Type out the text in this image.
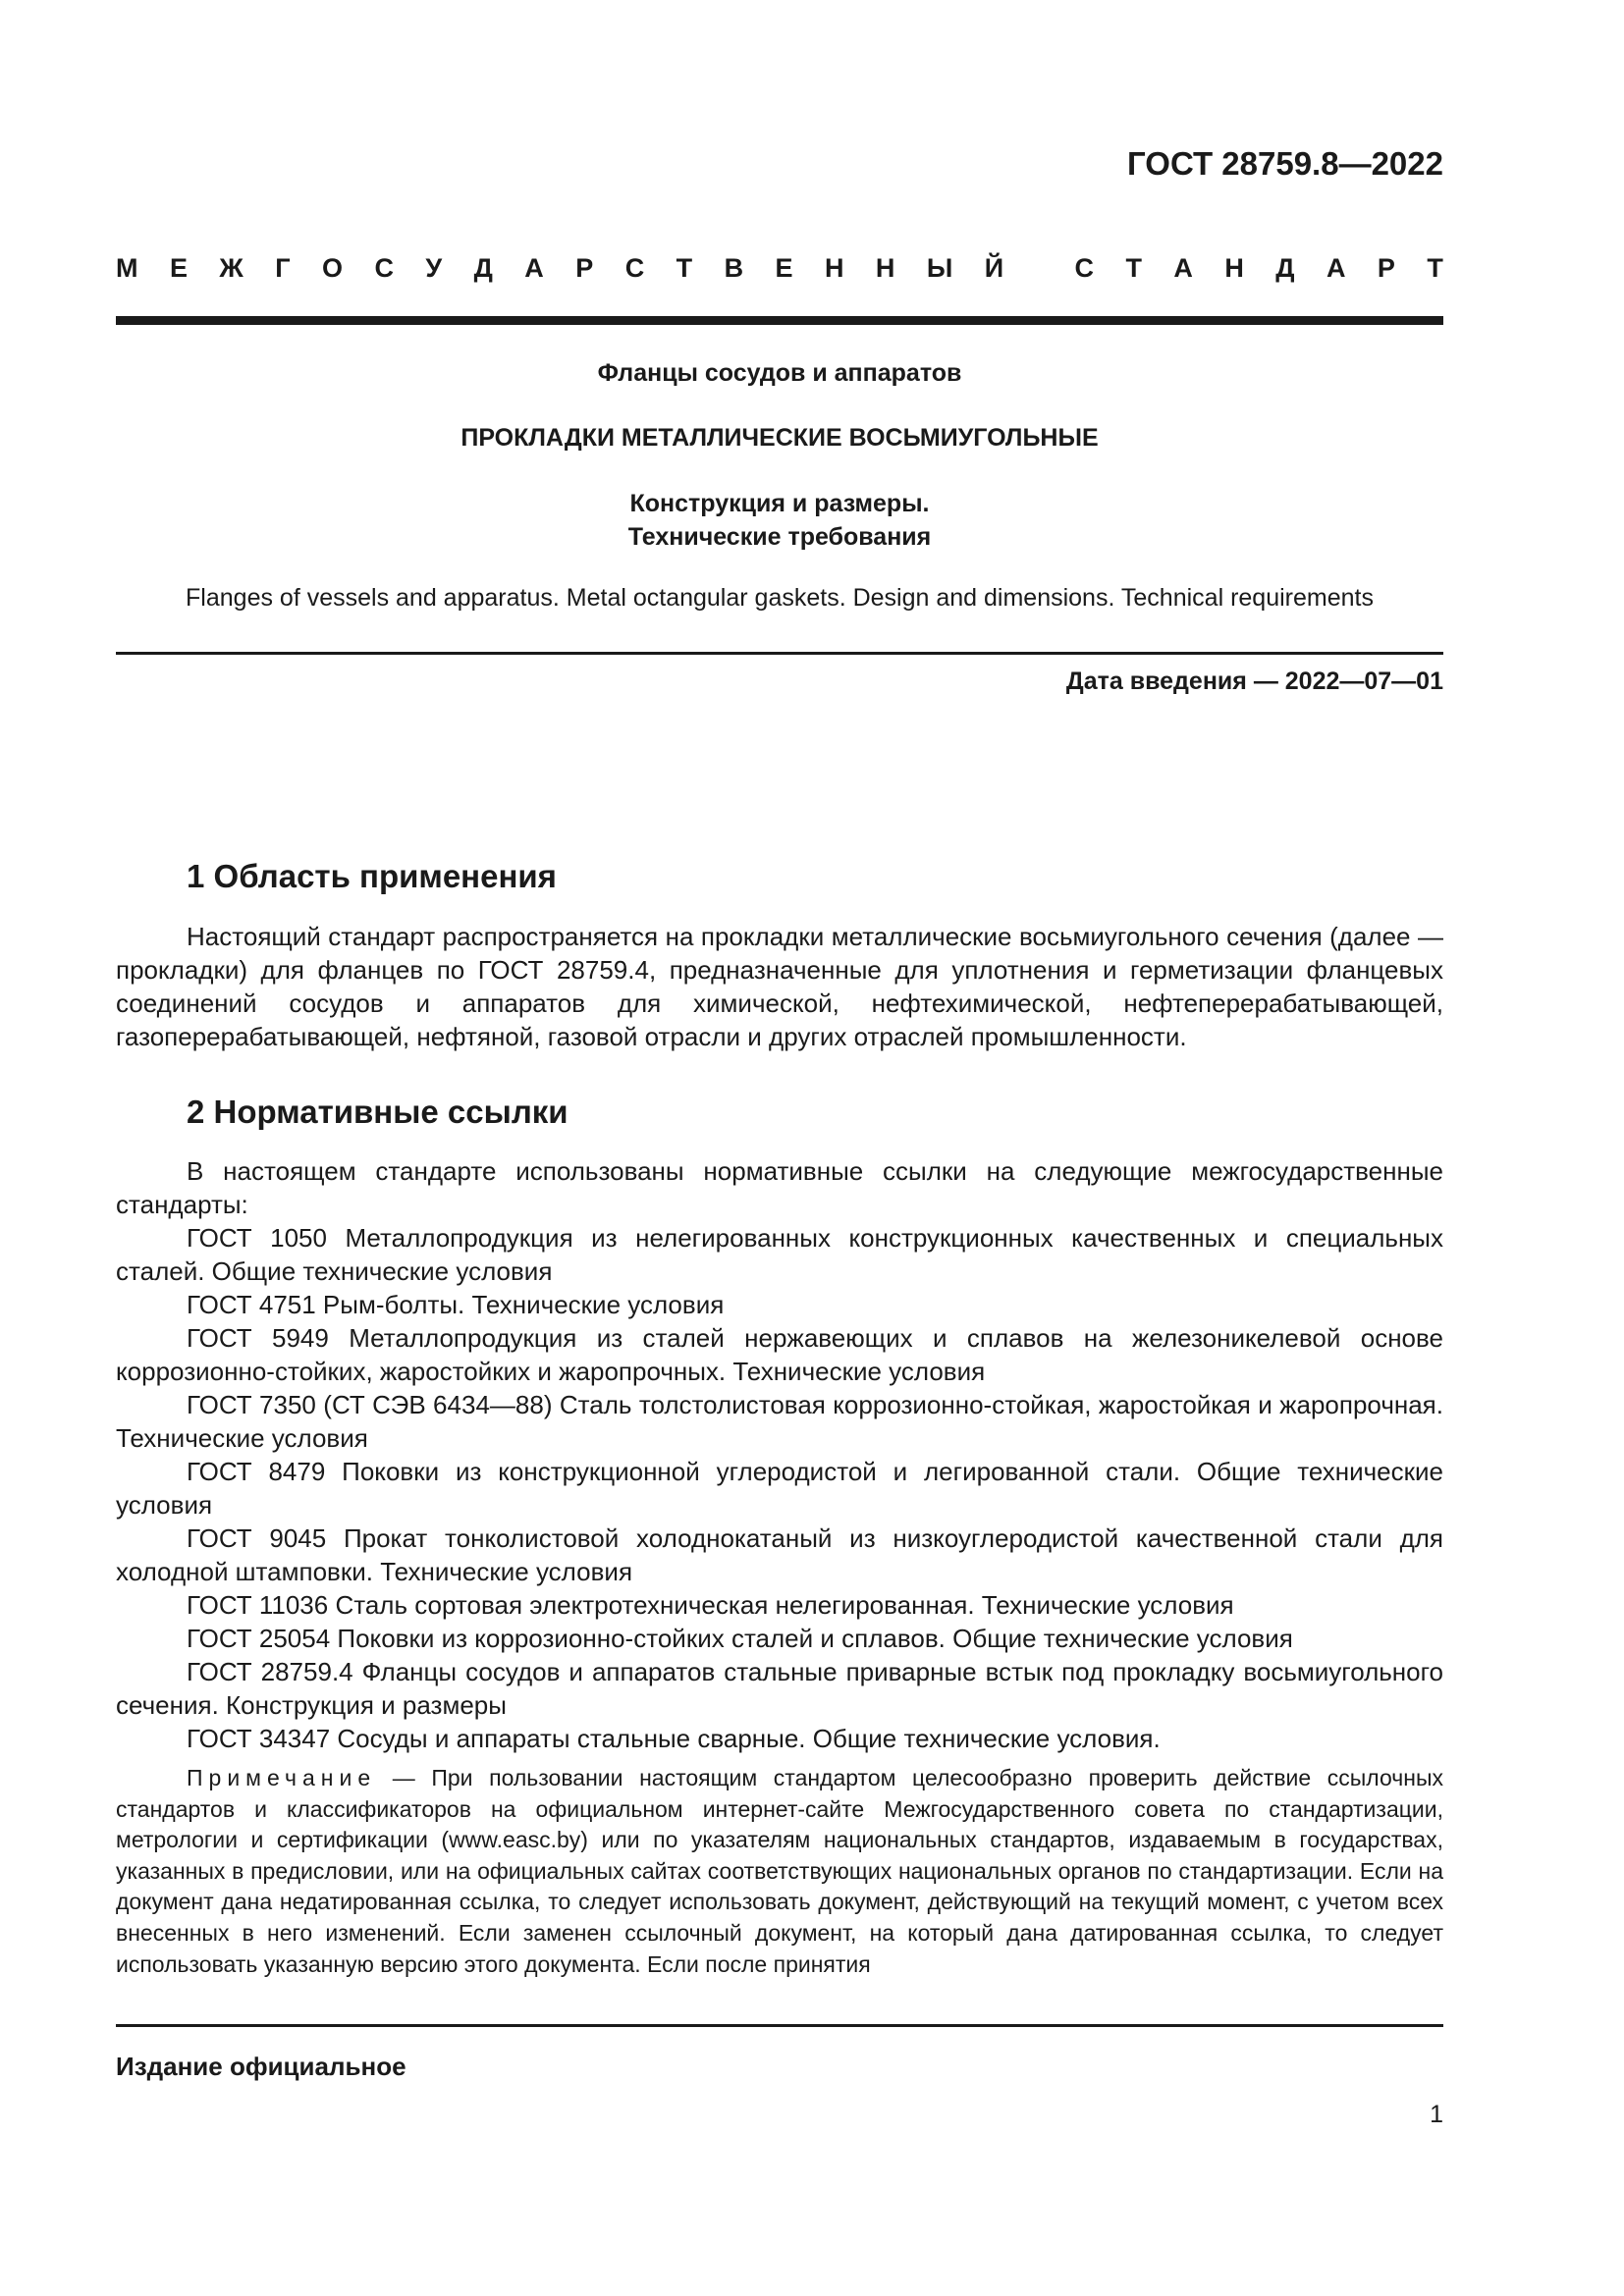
ГОСТ 28759.8—2022
М Е Ж Г О С У Д А Р С Т В Е Н Н Ы Й
	С Т А Н Д А Р Т
Фланцы сосудов и аппаратов
ПРОКЛАДКИ МЕТАЛЛИЧЕСКИЕ ВОСЬМИУГОЛЬНЫЕ
Конструкция и размеры.
Технические требования
Flanges of vessels and apparatus. Metal octangular gaskets. Design and dimensions. Technical requirements
Дата введения — 2022—07—01
1 Область применения

Настоящий стандарт распространяется на прокладки металлические восьмиугольного сечения (далее — прокладки) для фланцев по ГОСТ 28759.4, предназначенные для уплотнения и герметизации фланцевых соединений сосудов и аппаратов для химической, нефтехимической, нефтеперерабатывающей, газоперерабатывающей, нефтяной, газовой отрасли и других отраслей промышленности.

2 Нормативные ссылки

В настоящем стандарте использованы нормативные ссылки на следующие межгосударственные стандарты:

ГОСТ 1050 Металлопродукция из нелегированных конструкционных качественных и специальных сталей. Общие технические условия

ГОСТ 4751 Рым-болты. Технические условия

ГОСТ 5949 Металлопродукция из сталей нержавеющих и сплавов на железоникелевой основе коррозионно-стойких, жаростойких и жаропрочных. Технические условия

ГОСТ 7350 (СТ СЭВ 6434—88) Сталь толстолистовая коррозионно-стойкая, жаростойкая и жаропрочная. Технические условия

ГОСТ 8479 Поковки из конструкционной углеродистой и легированной стали. Общие технические условия

ГОСТ 9045 Прокат тонколистовой холоднокатаный из низкоуглеродистой качественной стали для холодной штамповки. Технические условия

ГОСТ 11036 Сталь сортовая электротехническая нелегированная. Технические условия

ГОСТ 25054 Поковки из коррозионно-стойких сталей и сплавов. Общие технические условия

ГОСТ 28759.4 Фланцы сосудов и аппаратов стальные приварные встык под прокладку восьмиугольного сечения. Конструкция и размеры

ГОСТ 34347 Сосуды и аппараты стальные сварные. Общие технические условия.

Примечание — При пользовании настоящим стандартом целесообразно проверить действие ссылочных стандартов и классификаторов на официальном интернет-сайте Межгосударственного совета по стандартизации, метрологии и сертификации (www.easc.by) или по указателям национальных стандартов, издаваемым в государствах, указанных в предисловии, или на официальных сайтах соответствующих национальных органов по стандартизации. Если на документ дана недатированная ссылка, то следует использовать документ, действующий на текущий момент, с учетом всех внесенных в него изменений. Если заменен ссылочный документ, на который дана датированная ссылка, то следует использовать указанную версию этого документа. Если после принятия

Издание официальное
1
